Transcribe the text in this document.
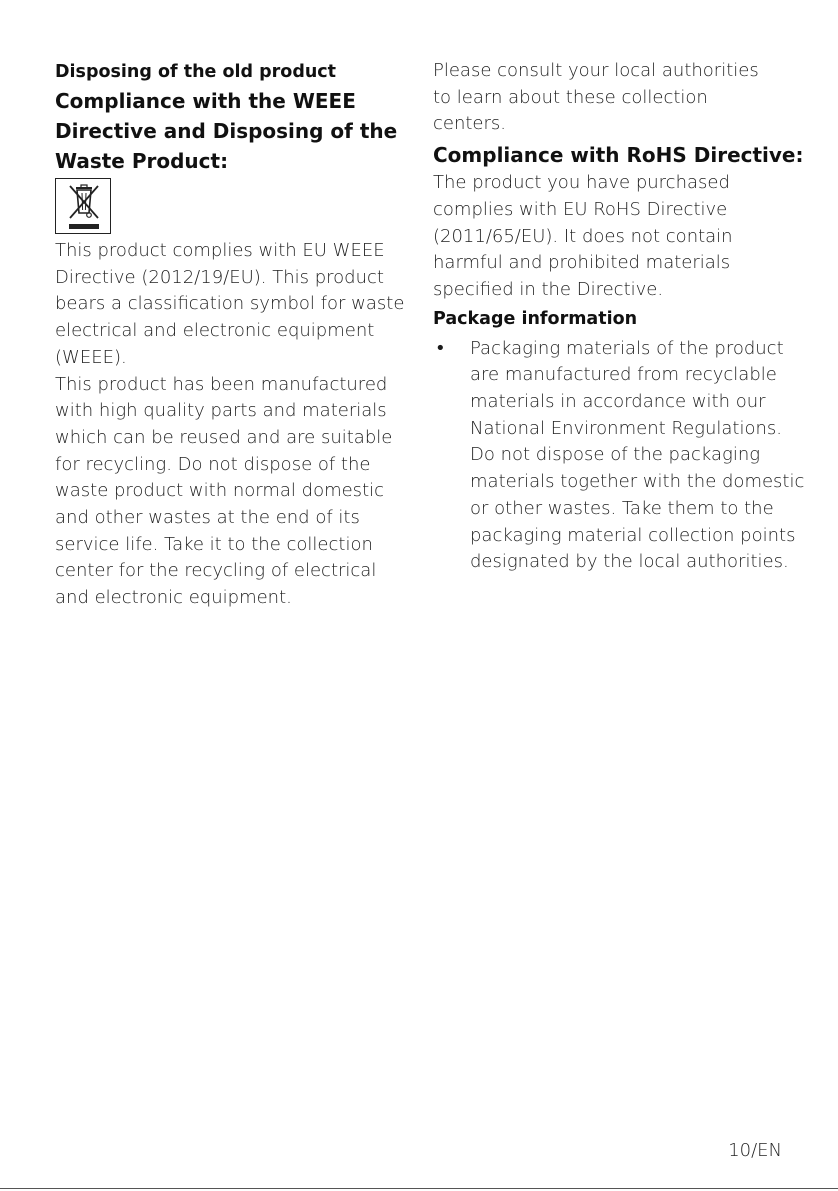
Disposing of the old product
Compliance with the WEEE Directive and Disposing of the Waste Product:

This product complies with EU WEEE Directive (2012/19/EU). This product bears a classification symbol for waste electrical and electronic equipment (WEEE).

This product has been manufactured with high quality parts and materials which can be reused and are suitable for recycling. Do not dispose of the waste product with normal domestic and other wastes at the end of its service life. Take it to the collection center for the recycling of electrical and electronic equipment.

Please consult your local authorities to learn about these collection centers.

Compliance with RoHS Directive:

The product you have purchased complies with EU RoHS Directive (2011/65/EU). It does not contain harmful and prohibited materials specified in the Directive.

Package information
• Packaging materials of the product are manufactured from recyclable materials in accordance with our National Environment Regulations. Do not dispose of the packaging materials together with the domestic or other wastes. Take them to the packaging material collection points designated by the local authorities.
10/EN
